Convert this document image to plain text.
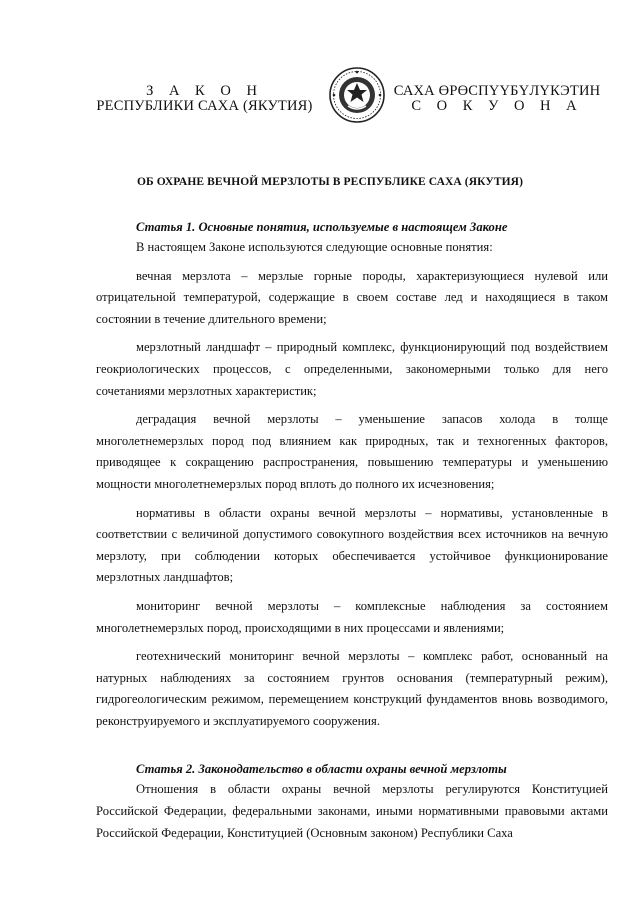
З А К О Н
РЕСПУБЛИКИ САХА (ЯКУТИЯ)
САХА ӨРӨСПҮҮБҮЛҮКЭТИН
С О К У О Н А
ОБ ОХРАНЕ ВЕЧНОЙ МЕРЗЛОТЫ В РЕСПУБЛИКЕ САХА (ЯКУТИЯ)

Статья 1. Основные понятия, используемые в настоящем Законе

В настоящем Законе используются следующие основные понятия:

вечная мерзлота – мерзлые горные породы, характеризующиеся нулевой или отрицательной температурой, содержащие в своем составе лед и находящиеся в таком состоянии в течение длительного времени;

мерзлотный ландшафт – природный комплекс, функционирующий под воздействием геокриологических процессов, с определенными, закономерными только для него сочетаниями мерзлотных характеристик;

деградация вечной мерзлоты – уменьшение запасов холода в толще многолетнемерзлых пород под влиянием как природных, так и техногенных факторов, приводящее к сокращению распространения, повышению температуры и уменьшению мощности многолетнемерзлых пород вплоть до полного их исчезновения;

нормативы в области охраны вечной мерзлоты – нормативы, установленные в соответствии с величиной допустимого совокупного воздействия всех источников на вечную мерзлоту, при соблюдении которых обеспечивается устойчивое функционирование мерзлотных ландшафтов;

мониторинг вечной мерзлоты – комплексные наблюдения за состоянием многолетнемерзлых пород, происходящими в них процессами и явлениями;

геотехнический мониторинг вечной мерзлоты – комплекс работ, основанный на натурных наблюдениях за состоянием грунтов основания (температурный режим), гидрогеологическим режимом, перемещением конструкций фундаментов вновь возводимого, реконструируемого и эксплуатируемого сооружения.

Статья 2. Законодательство в области охраны вечной мерзлоты

Отношения в области охраны вечной мерзлоты регулируются Конституцией Российской Федерации, федеральными законами, иными нормативными правовыми актами Российской Федерации, Конституцией (Основным законом) Республики Саха
